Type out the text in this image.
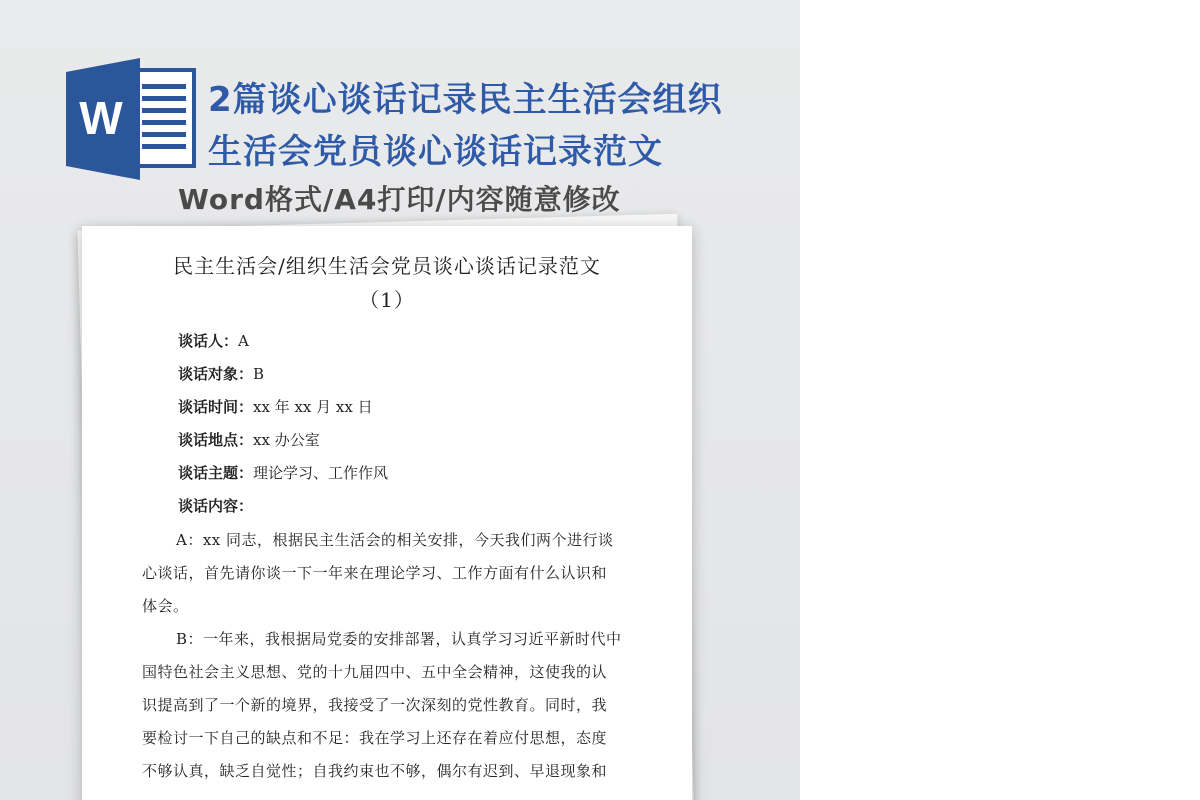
W	2篇谈心谈话记录民主生活会组织
生活会党员谈心谈话记录范文
Word格式/A4打印/内容随意修改
民主生活会/组织生活会党员谈心谈话记录范文
（1）
谈话人：A
谈话对象：B
谈话时间：xx 年 xx 月 xx 日
谈话地点：xx 办公室
谈话主题：理论学习、工作作风
谈话内容：
A：xx 同志，根据民主生活会的相关安排，今天我们两个进行谈
心谈话，首先请你谈一下一年来在理论学习、工作方面有什么认识和
体会。
B：一年来，我根据局党委的安排部署，认真学习习近平新时代中
国特色社会主义思想、党的十九届四中、五中全会精神，这使我的认
识提高到了一个新的境界，我接受了一次深刻的党性教育。同时，我
要检讨一下自己的缺点和不足：我在学习上还存在着应付思想，态度
不够认真，缺乏自觉性；自我约束也不够，偶尔有迟到、早退现象和
